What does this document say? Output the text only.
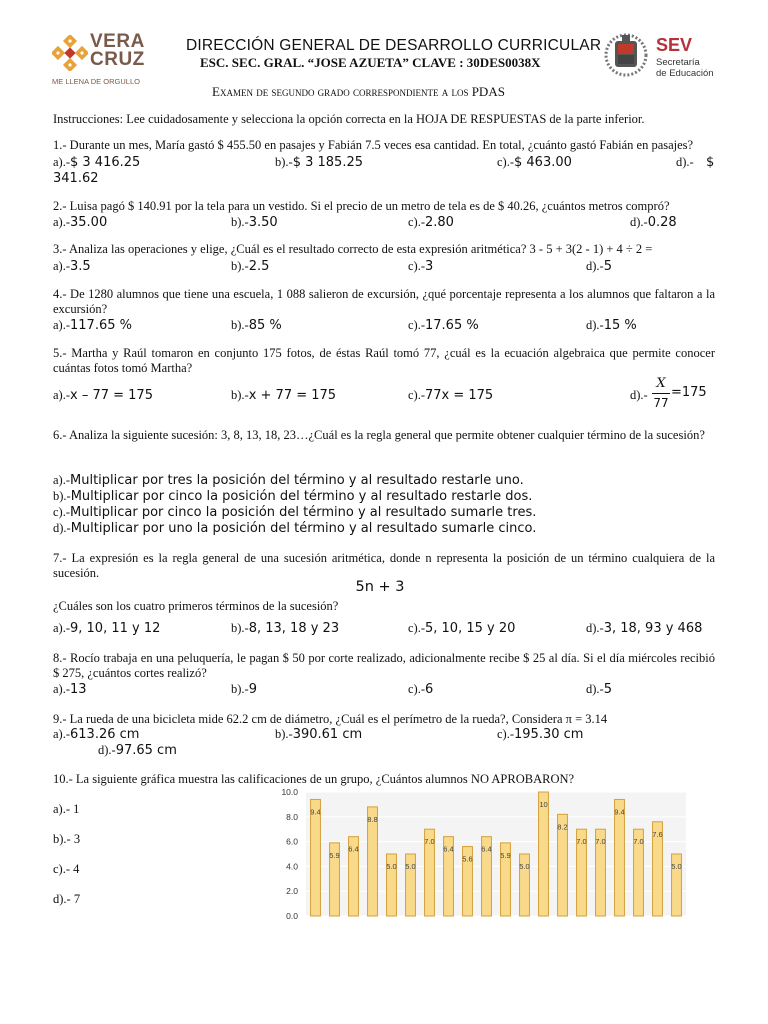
VERA
CRUZ
ME LLENA DE ORGULLO
DIRECCIÓN GENERAL DE DESARROLLO CURRICULAR
ESC. SEC. GRAL. “JOSE AZUETA” CLAVE : 30DES0038X
SEV
Secretaría
de Educación
Examen de segundo grado correspondiente a los PDAS
Instrucciones: Lee cuidadosamente y selecciona la opción correcta en la HOJA DE RESPUESTAS de la parte inferior.
1.- Durante un mes, María gastó $ 455.50 en pasajes y Fabián 7.5 veces esa cantidad. En total, ¿cuánto gastó Fabián en pasajes?
a).-$ 3 416.25	b).-$ 3 185.25	c).-$ 463.00	d).- $
341.62
2.- Luisa pagó $ 140.91 por la tela para un vestido. Si el precio de un metro de tela es de $ 40.26, ¿cuántos metros compró?
a).-35.00	b).-3.50	c).-2.80	d).-0.28
3.- Analiza las operaciones y elige, ¿Cuál es el resultado correcto de esta expresión aritmética? 3 - 5 + 3(2 - 1) + 4 ÷ 2 =
a).-3.5	b).-2.5	c).-3	d).-5
4.- De 1280 alumnos que tiene una escuela, 1 088 salieron de excursión, ¿qué porcentaje representa a los alumnos que faltaron a la excursión?
a).-117.65 %	b).-85 %	c).-17.65 %	d).-15 %
5.- Martha y Raúl tomaron en conjunto 175 fotos, de éstas Raúl tomó 77, ¿cuál es la ecuación algebraica que permite conocer cuántas fotos tomó Martha?
a).-x – 77 = 175	b).-x + 77 = 175	c).-77x = 175	d).-
X
77
=175
6.- Analiza la siguiente sucesión: 3, 8, 13, 18, 23…¿Cuál es la regla general que permite obtener cualquier término de la sucesión?
a).-Multiplicar por tres la posición del término y al resultado restarle uno.
b).-Multiplicar por cinco la posición del término y al resultado restarle dos.
c).-Multiplicar por cinco la posición del término y al resultado sumarle tres.
d).-Multiplicar por uno la posición del término y al resultado sumarle cinco.
7.- La expresión es la regla general de una sucesión aritmética, donde n representa la posición de un término cualquiera de la sucesión.
5n + 3
¿Cuáles son los cuatro primeros términos de la sucesión?
a).-9, 10, 11 y 12	b).-8, 13, 18 y 23	c).-5, 10, 15 y 20	d).-3, 18, 93 y 468
8.- Rocío trabaja en una peluquería, le pagan $ 50 por corte realizado, adicionalmente recibe $ 25 al día. Si el día miércoles recibió $ 275, ¿cuántos cortes realizó?
a).-13	b).-9	c).-6	d).-5
9.- La rueda de una bicicleta mide 62.2 cm de diámetro, ¿Cuál es el perímetro de la rueda?, Considera π = 3.14
a).-613.26 cm	b).-390.61 cm	c).-195.30 cm
d).-97.65 cm
10.- La siguiente gráfica muestra las calificaciones de un grupo, ¿Cuántos alumnos NO APROBARON?
a).- 1
b).- 3
c).- 4
d).- 7
0.0
2.0
4.0
6.0
8.0
10.0
9.4
5.9
6.4
8.8
5.0 5.0
7.0
6.4
5.6
6.4
5.9
5.0
10
8.2
7.0 7.0
9.4
7.0
7.6
5.0
